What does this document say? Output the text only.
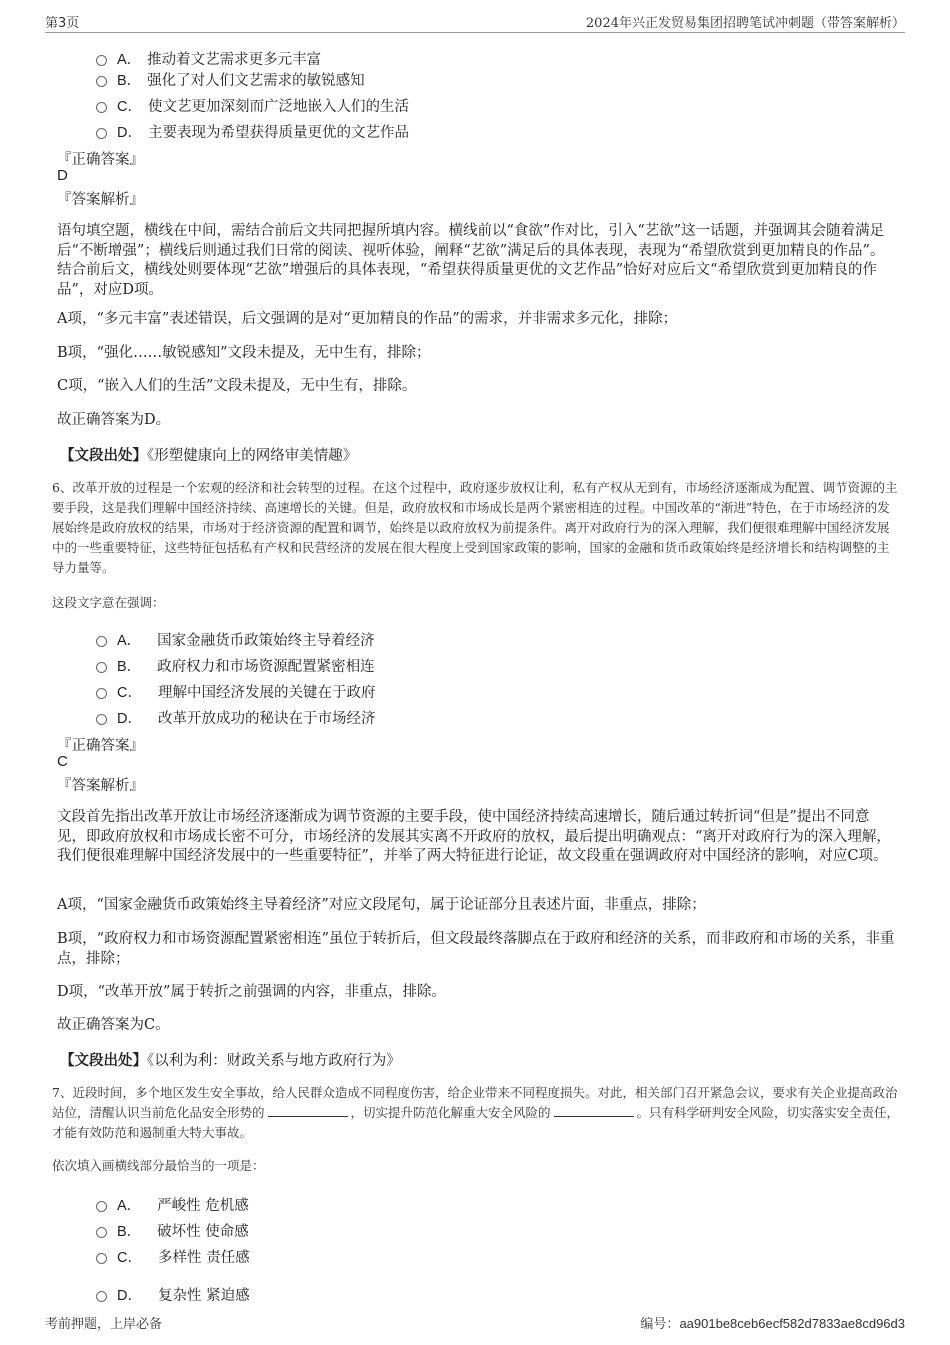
第3页	2024年兴正发贸易集团招聘笔试冲刺题（带答案解析）
A． 推动着文艺需求更多元丰富
B． 强化了对人们文艺需求的敏锐感知
C． 使文艺更加深刻而广泛地嵌入人们的生活
D． 主要表现为希望获得质量更优的文艺作品
『正确答案』
D
『答案解析』
语句填空题，横线在中间，需结合前后文共同把握所填内容。横线前以“食欲”作对比，引入“艺欲”这一话题，并强调其会随着满足后“不断增强”；横线后则通过我们日常的阅读、视听体验，阐释“艺欲”满足后的具体表现，表现为“希望欣赏到更加精良的作品”。结合前后文，横线处则要体现“艺欲”增强后的具体表现，“希望获得质量更优的文艺作品”恰好对应后文“希望欣赏到更加精良的作品”，对应D项。
A项，“多元丰富”表述错误，后文强调的是对“更加精良的作品”的需求，并非需求多元化，排除；
B项，“强化……敏锐感知”文段未提及，无中生有，排除；
C项，“嵌入人们的生活”文段未提及，无中生有，排除。
故正确答案为D。
【文段出处】《形塑健康向上的网络审美情趣》
6、改革开放的过程是一个宏观的经济和社会转型的过程。在这个过程中，政府逐步放权让利，私有产权从无到有，市场经济逐渐成为配置、调节资源的主要手段，这是我们理解中国经济持续、高速增长的关键。但是，政府放权和市场成长是两个紧密相连的过程。中国改革的“渐进”特色，在于市场经济的发展始终是政府放权的结果，市场对于经济资源的配置和调节，始终是以政府放权为前提条件。离开对政府行为的深入理解，我们便很难理解中国经济发展中的一些重要特征，这些特征包括私有产权和民营经济的发展在很大程度上受到国家政策的影响，国家的金融和货币政策始终是经济增长和结构调整的主导力量等。
这段文字意在强调：
A． 国家金融货币政策始终主导着经济
B． 政府权力和市场资源配置紧密相连
C． 理解中国经济发展的关键在于政府
D． 改革开放成功的秘诀在于市场经济
『正确答案』
C
『答案解析』
文段首先指出改革开放让市场经济逐渐成为调节资源的主要手段，使中国经济持续高速增长，随后通过转折词“但是”提出不同意见，即政府放权和市场成长密不可分，市场经济的发展其实离不开政府的放权，最后提出明确观点：“离开对政府行为的深入理解，我们便很难理解中国经济发展中的一些重要特征”，并举了两大特征进行论证，故文段重在强调政府对中国经济的影响，对应C项。
A项，“国家金融货币政策始终主导着经济”对应文段尾句，属于论证部分且表述片面，非重点，排除；
B项，“政府权力和市场资源配置紧密相连”虽位于转折后，但文段最终落脚点在于政府和经济的关系，而非政府和市场的关系，非重点，排除；
D项，“改革开放”属于转折之前强调的内容，非重点，排除。
故正确答案为C。
【文段出处】《以利为利：财政关系与地方政府行为》
7、近段时间，多个地区发生安全事故，给人民群众造成不同程度伤害，给企业带来不同程度损失。对此，相关部门召开紧急会议，要求有关企业提高政治站位，清醒认识当前危化品安全形势的	，切实提升防范化解重大安全风险的	。只有科学研判安全风险，切实落实安全责任，才能有效防范和遏制重大特大事故。
依次填入画横线部分最恰当的一项是：
A． 严峻性 危机感
B． 破坏性 使命感
C． 多样性 责任感
D． 复杂性 紧迫感
考前押题，上岸必备	编号：aa901be8ceb6ecf582d7833ae8cd96d3
